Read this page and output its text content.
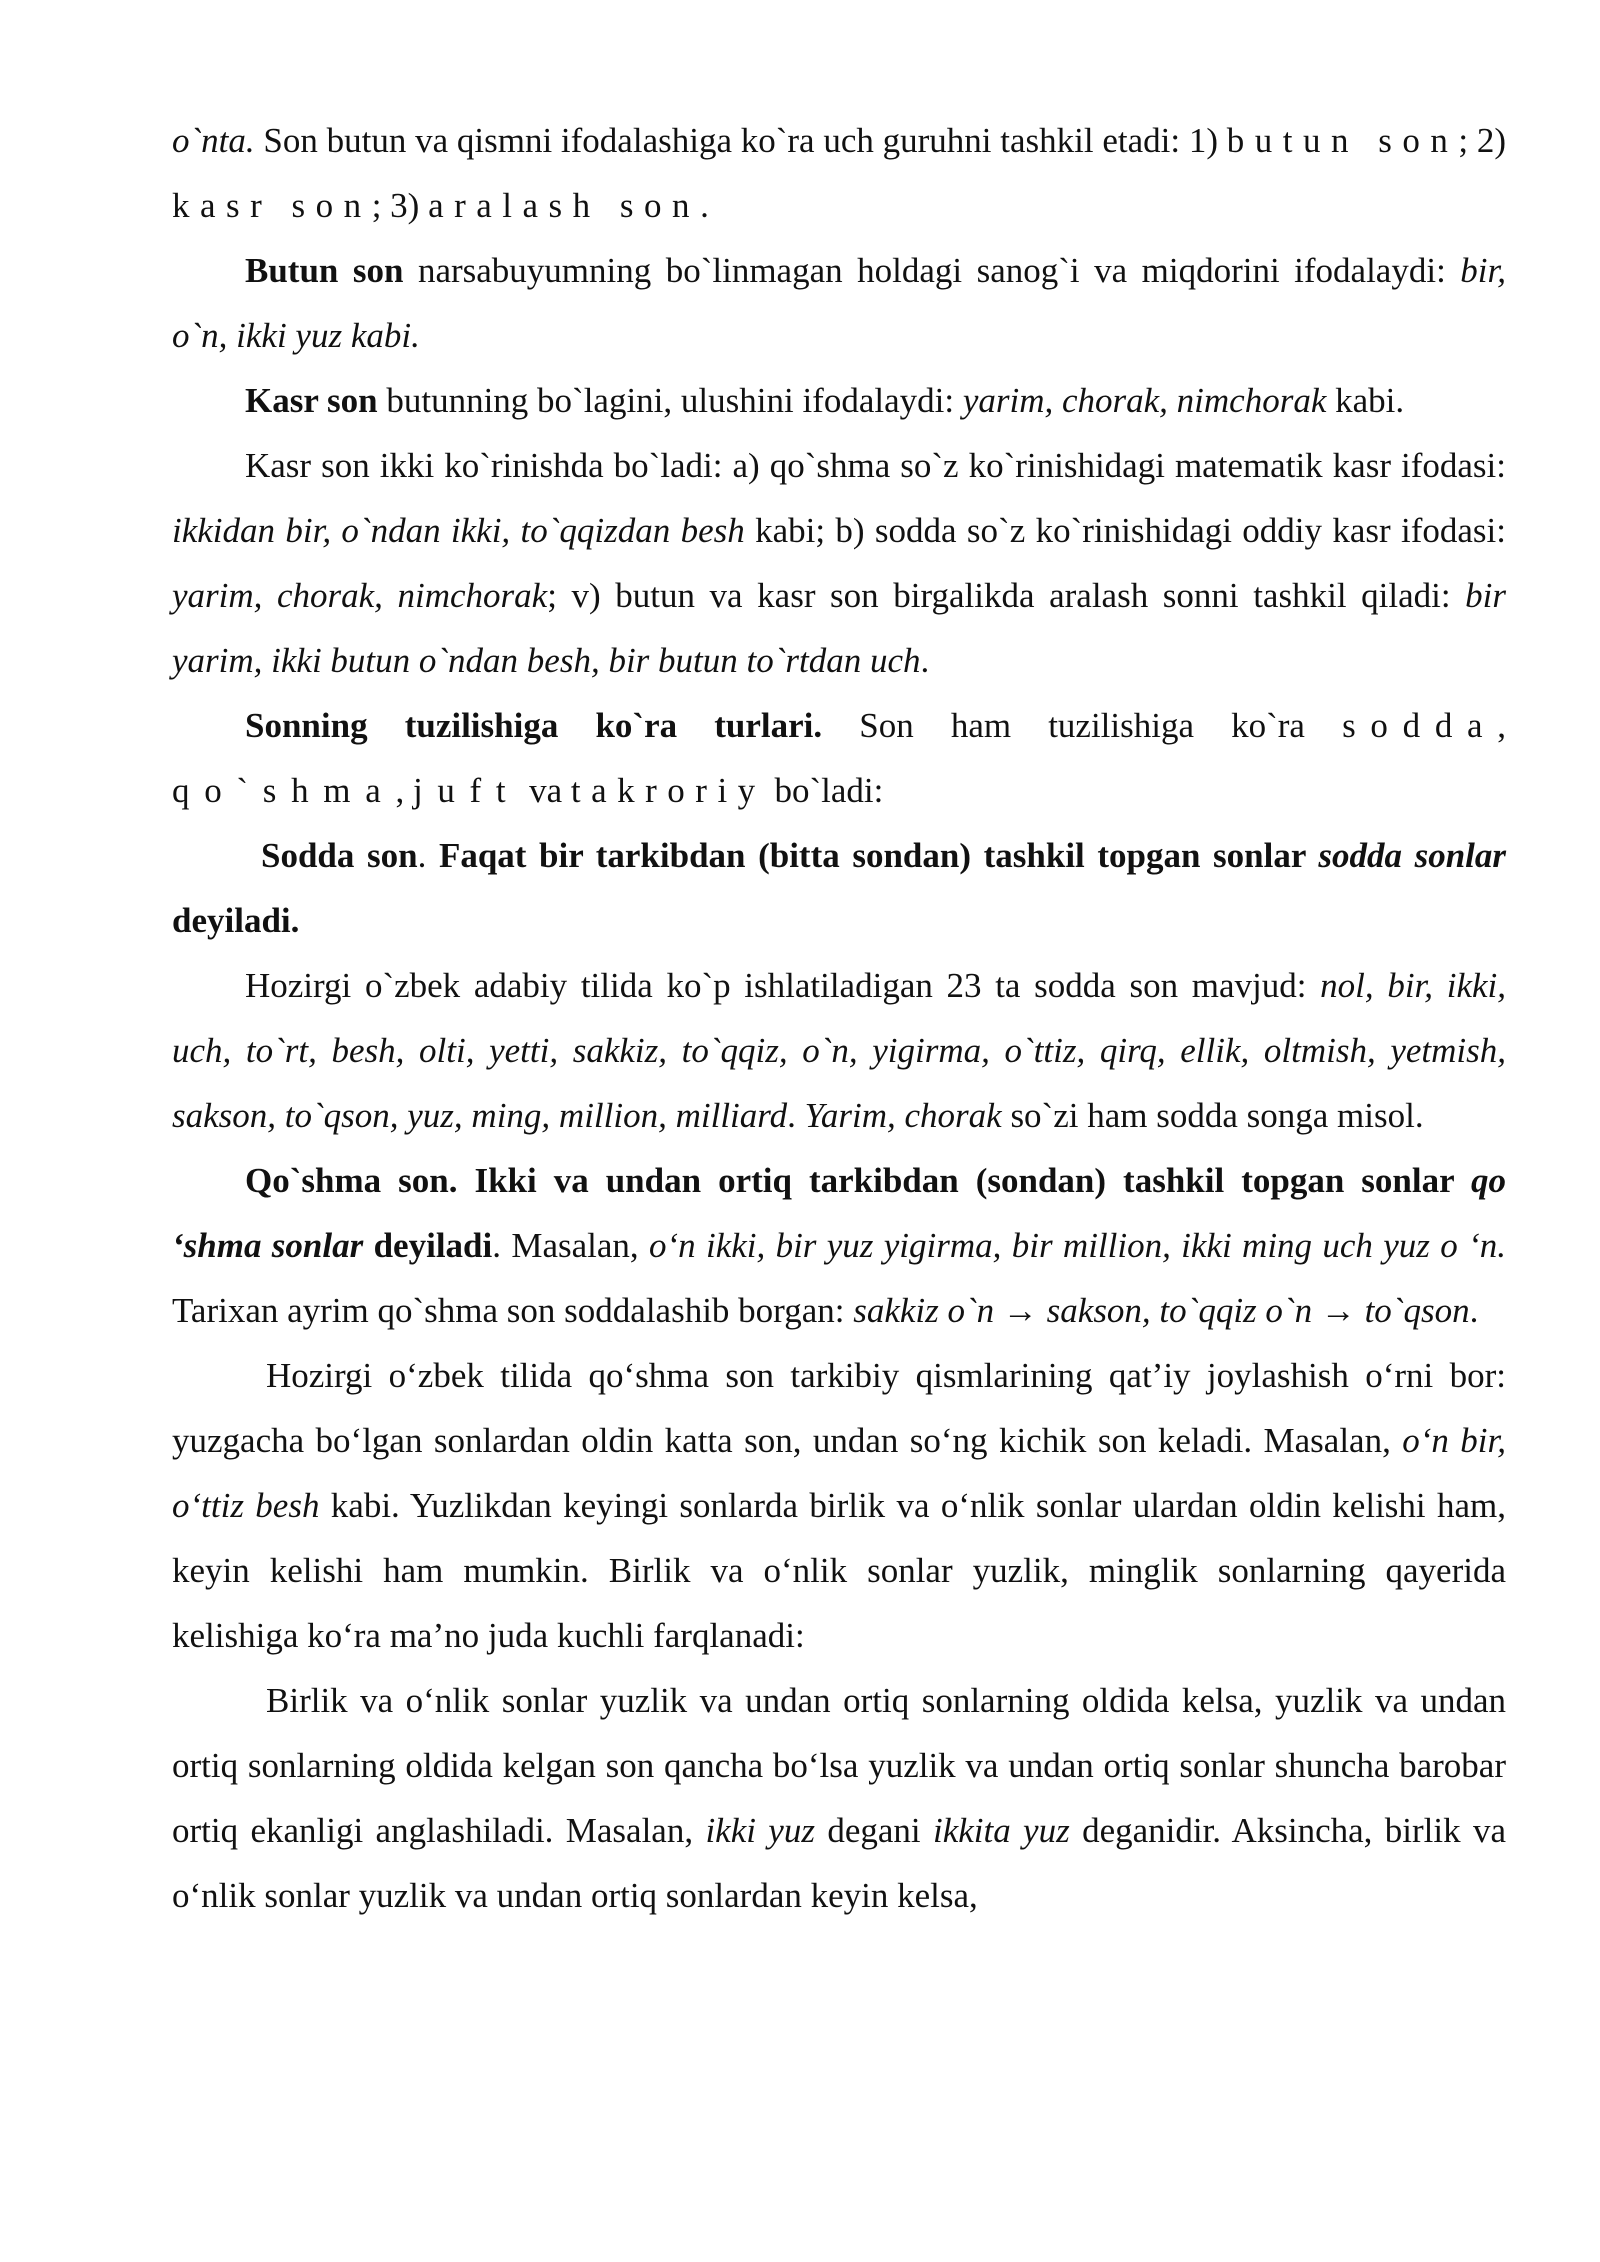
o`nta. Son butun va qismni ifodalashiga ko`ra uch guruhni tashkil etadi: 1) butun son; 2) kasr son; 3) aralash son.

Butun son narsabuyumning bo`linmagan holdagi sanog`i va miqdorini ifodalaydi: bir, o`n, ikki yuz kabi.

Kasr son butunning bo`lagini, ulushini ifodalaydi: yarim, chorak, nimchorak kabi.

Kasr son ikki ko`rinishda bo`ladi: a) qo`shma so`z ko`rinishidagi matematik kasr ifodasi: ikkidan bir, o`ndan ikki, to`qqizdan besh kabi; b) sodda so`z ko`rinishidagi oddiy kasr ifodasi: yarim, chorak, nimchorak; v) butun va kasr son birgalikda aralash sonni tashkil qiladi: bir yarim, ikki butun o`ndan besh, bir butun to`rtdan uch.

Sonning tuzilishiga ko`ra turlari. Son ham tuzilishiga ko`ra sodda, qo`shma, juft va takroriy bo`ladi:

Sodda son. Faqat bir tarkibdan (bitta sondan) tashkil topgan sonlar sodda sonlar deyiladi.

Hozirgi o`zbek adabiy tilida ko`p ishlatiladigan 23 ta sodda son mavjud: nol, bir, ikki, uch, to`rt, besh, olti, yetti, sakkiz, to`qqiz, o`n, yigirma, o`ttiz, qirq, ellik, oltmish, yetmish, sakson, to`qson, yuz, ming, million, milliard. Yarim, chorak so`zi ham sodda songa misol.

Qo`shma son. Ikki va undan ortiq tarkibdan (sondan) tashkil topgan sonlar qo ‘shma sonlar deyiladi. Masalan, o‘n ikki, bir yuz yigirma, bir million, ikki ming uch yuz o ‘n. Tarixan ayrim qo`shma son soddalashib borgan: sakkiz o`n → sakson, to`qqiz o`n → to`qson.

Hozirgi o‘zbek tilida qo‘shma son tarkibiy qismlarining qat’iy joylashish o‘rni bor: yuzgacha bo‘lgan sonlardan oldin katta son, undan so‘ng kichik son keladi. Masalan, o‘n bir, o‘ttiz besh kabi. Yuzlikdan keyingi sonlarda birlik va o‘nlik sonlar ulardan oldin kelishi ham, keyin kelishi ham mumkin. Birlik va o‘nlik sonlar yuzlik, minglik sonlarning qayerida kelishiga ko‘ra ma’no juda kuchli farqlanadi:

Birlik va o‘nlik sonlar yuzlik va undan ortiq sonlarning oldida kelsa, yuzlik va undan ortiq sonlarning oldida kelgan son qancha bo‘lsa yuzlik va undan ortiq sonlar shuncha barobar ortiq ekanligi anglashiladi. Masalan, ikki yuz degani ikkita yuz deganidir. Aksincha, birlik va o‘nlik sonlar yuzlik va undan ortiq sonlardan keyin kelsa,
